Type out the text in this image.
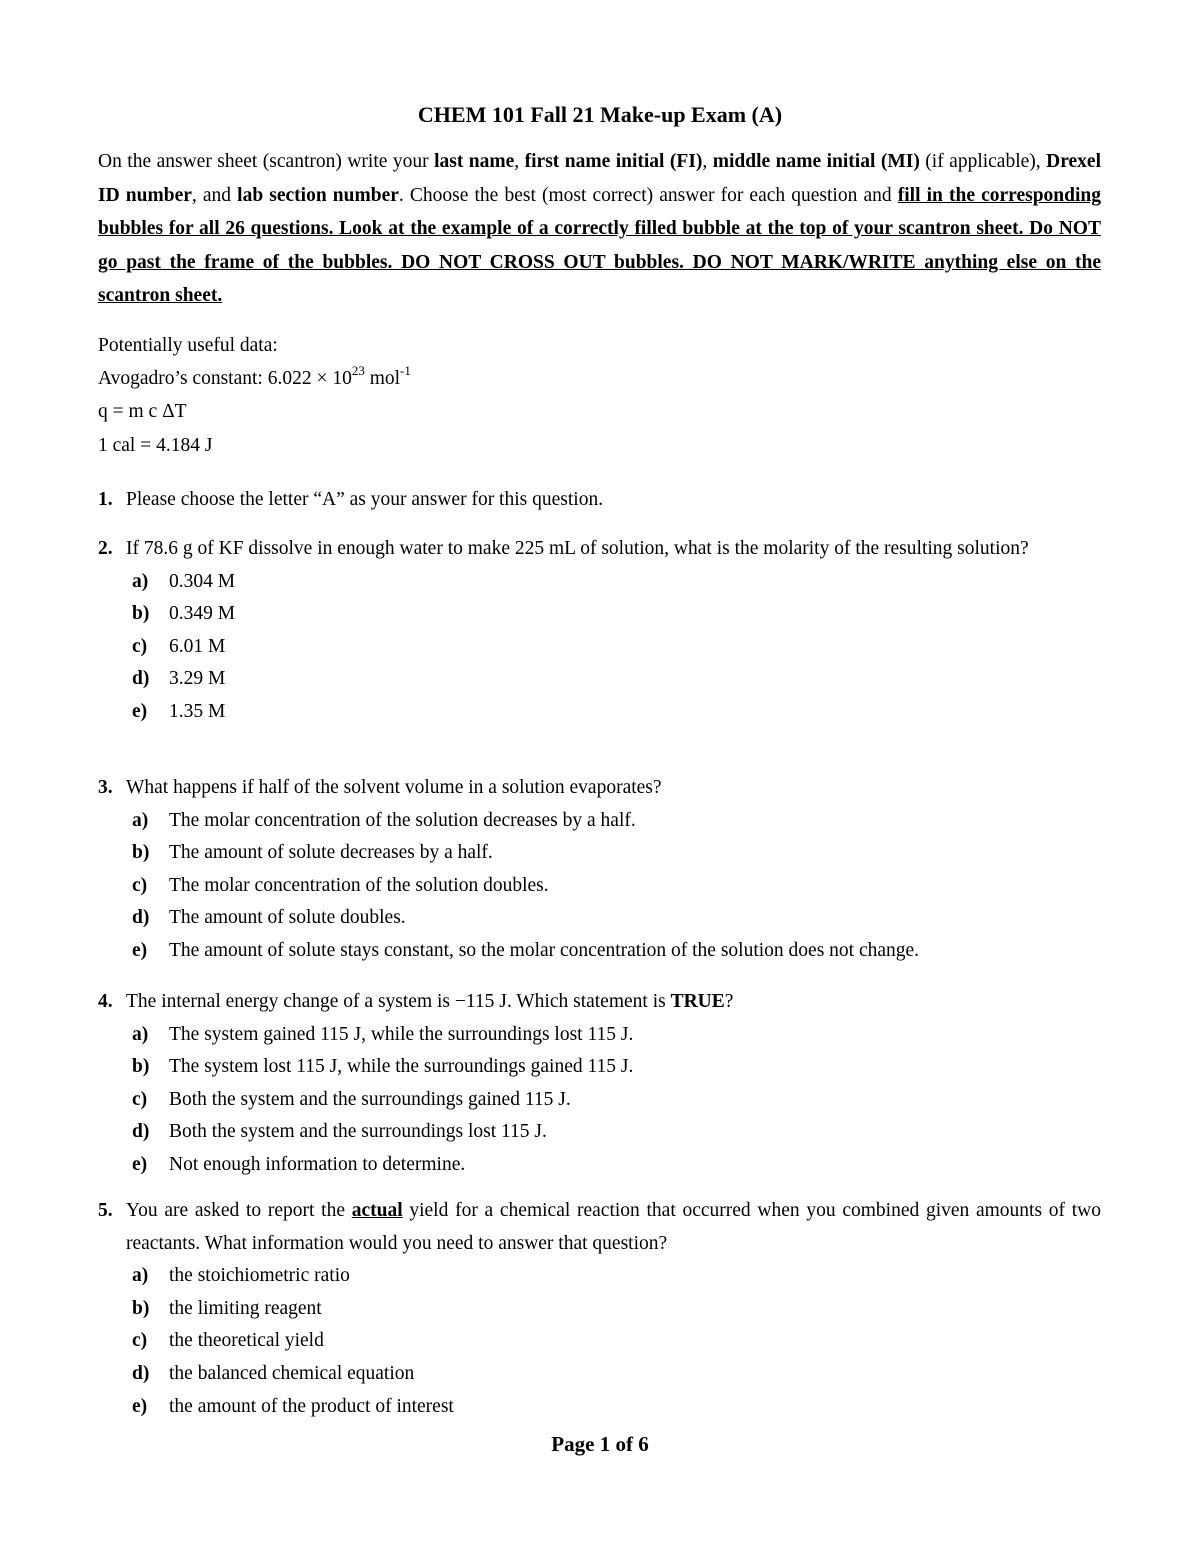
CHEM 101 Fall 21 Make-up Exam (A)
On the answer sheet (scantron) write your last name, first name initial (FI), middle name initial (MI) (if applicable), Drexel ID number, and lab section number. Choose the best (most correct) answer for each question and fill in the corresponding bubbles for all 26 questions. Look at the example of a correctly filled bubble at the top of your scantron sheet. Do NOT go past the frame of the bubbles. DO NOT CROSS OUT bubbles. DO NOT MARK/WRITE anything else on the scantron sheet.
Potentially useful data:
Avogadro’s constant: $6.022 \times 10^{23}$ mol$^{-1}$
q = m c ΔT
1 cal = 4.184 J
1. Please choose the letter “A” as your answer for this question.
2. If 78.6 g of KF dissolve in enough water to make 225 mL of solution, what is the molarity of the resulting solution?
a)	0.304 M
b)	0.349 M
c)	6.01 M
d)	3.29 M
e)	1.35 M
3. What happens if half of the solvent volume in a solution evaporates?
a)	The molar concentration of the solution decreases by a half.
b)	The amount of solute decreases by a half.
c)	The molar concentration of the solution doubles.
d)	The amount of solute doubles.
e)	The amount of solute stays constant, so the molar concentration of the solution does not change.
4. The internal energy change of a system is −115 J. Which statement is TRUE?
a)	The system gained 115 J, while the surroundings lost 115 J.
b)	The system lost 115 J, while the surroundings gained 115 J.
c)	Both the system and the surroundings gained 115 J.
d)	Both the system and the surroundings lost 115 J.
e)	Not enough information to determine.
5. You are asked to report the actual yield for a chemical reaction that occurred when you combined given amounts of two reactants. What information would you need to answer that question?
a)	the stoichiometric ratio
b)	the limiting reagent
c)	the theoretical yield
d)	the balanced chemical equation
e)	the amount of the product of interest
Page 1 of 6
